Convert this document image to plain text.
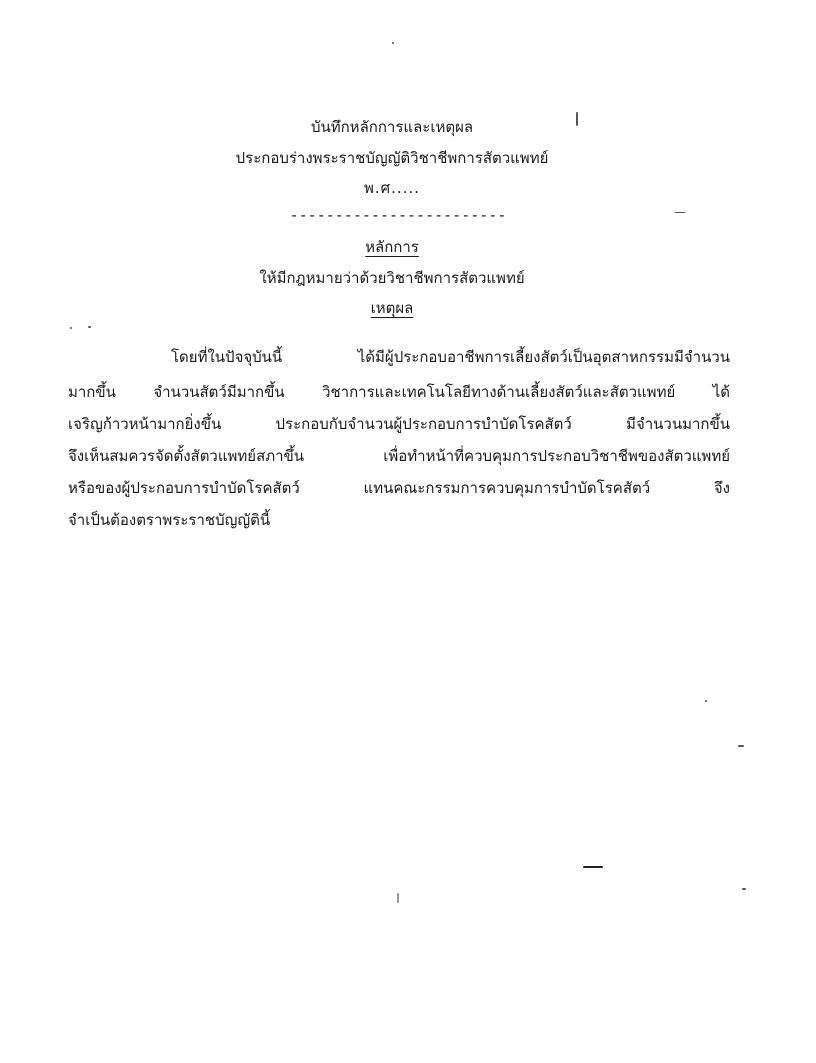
บันทึกหลักการและเหตุผล
ประกอบร่างพระราชบัญญัติวิชาชีพการสัตวแพทย์
พ.ศ.....
------------------------
หลักการ
ให้มีกฎหมายว่าด้วยวิชาชีพการสัตวแพทย์
เหตุผล
โดยที่ในปัจจุบันนี้ ได้มีผู้ประกอบอาชีพการเลี้ยงสัตว์เป็นอุตสาหกรรมมีจำนวน
มากขึ้น จำนวนสัตว์มีมากขึ้น วิชาการและเทคโนโลยีทางด้านเลี้ยงสัตว์และสัตวแพทย์ ได้
เจริญก้าวหน้ามากยิ่งขึ้น ประกอบกับจำนวนผู้ประกอบการบำบัดโรคสัตว์ มีจำนวนมากขึ้น
จึงเห็นสมควรจัดตั้งสัตวแพทย์สภาขึ้น เพื่อทำหน้าที่ควบคุมการประกอบวิชาชีพของสัตวแพทย์
หรือของผู้ประกอบการบำบัดโรคสัตว์ แทนคณะกรรมการควบคุมการบำบัดโรคสัตว์ จึง
จำเป็นต้องตราพระราชบัญญัตินี้
